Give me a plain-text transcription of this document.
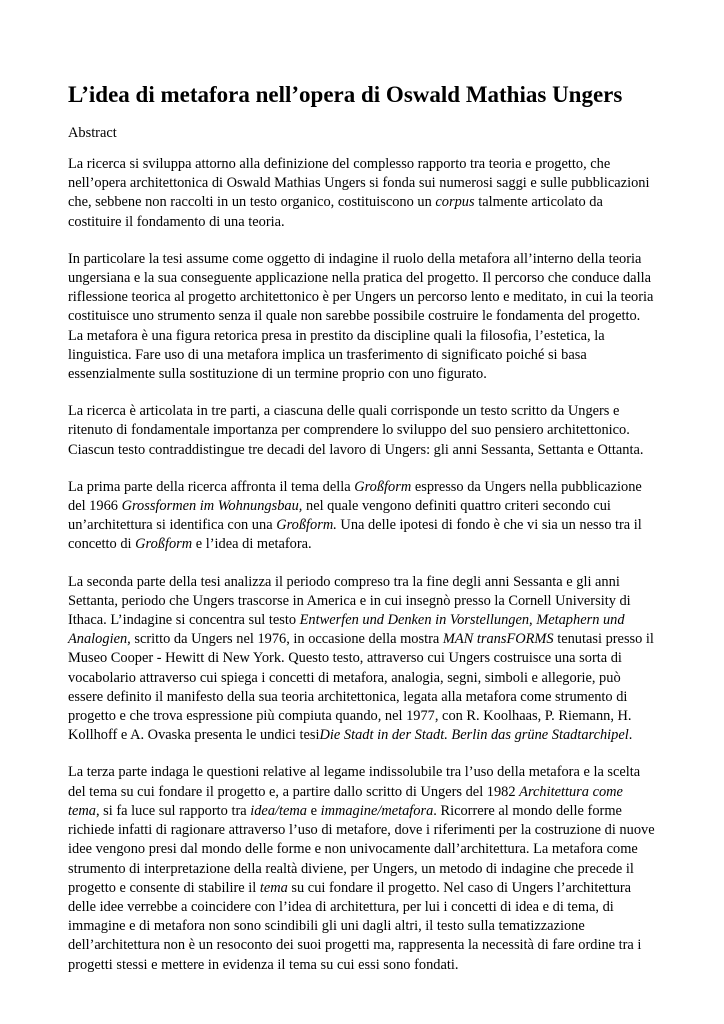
L’idea di metafora nell’opera di Oswald Mathias Ungers
Abstract

La ricerca si sviluppa attorno alla definizione del complesso rapporto tra teoria e progetto, che nell’opera architettonica di Oswald Mathias Ungers si fonda sui numerosi saggi e sulle pubblicazioni che, sebbene non raccolti in un testo organico, costituiscono un corpus talmente articolato da costituire il fondamento di una teoria.

In particolare la tesi assume come oggetto di indagine il ruolo della metafora all’interno della teoria ungersiana e la sua conseguente applicazione nella pratica del progetto. Il percorso che conduce dalla riflessione teorica al progetto architettonico è per Ungers un percorso lento e meditato, in cui la teoria costituisce uno strumento senza il quale non sarebbe possibile costruire le fondamenta del progetto. La metafora è una figura retorica presa in prestito da discipline quali la filosofia, l’estetica, la linguistica. Fare uso di una metafora implica un trasferimento di significato poiché si basa essenzialmente sulla sostituzione di un termine proprio con uno figurato.

La ricerca è articolata in tre parti, a ciascuna delle quali corrisponde un testo scritto da Ungers e ritenuto di fondamentale importanza per comprendere lo sviluppo del suo pensiero architettonico. Ciascun testo contraddistingue tre decadi del lavoro di Ungers: gli anni Sessanta, Settanta e Ottanta.

La prima parte della ricerca affronta il tema della Großform espresso da Ungers nella pubblicazione del 1966 Grossformen im Wohnungsbau, nel quale vengono definiti quattro criteri secondo cui un’architettura si identifica con una Großform. Una delle ipotesi di fondo è che vi sia un nesso tra il concetto di Großform e l’idea di metafora.

La seconda parte della tesi analizza il periodo compreso tra la fine degli anni Sessanta e gli anni Settanta, periodo che Ungers trascorse in America e in cui insegnò presso la Cornell University di Ithaca. L’indagine si concentra sul testo Entwerfen und Denken in Vorstellungen, Metaphern und Analogien, scritto da Ungers nel 1976, in occasione della mostra MAN transFORMS tenutasi presso il Museo Cooper - Hewitt di New York. Questo testo, attraverso cui Ungers costruisce una sorta di vocabolario attraverso cui spiega i concetti di metafora, analogia, segni, simboli e allegorie, può essere definito il manifesto della sua teoria architettonica, legata alla metafora come strumento di progetto e che trova espressione più compiuta quando, nel 1977, con R. Koolhaas, P. Riemann, H. Kollhoff e A. Ovaska presenta le undici tesiDie Stadt in der Stadt. Berlin das grüne Stadtarchipel.

La terza parte indaga le questioni relative al legame indissolubile tra l’uso della metafora e la scelta del tema su cui fondare il progetto e, a partire dallo scritto di Ungers del 1982 Architettura come tema, si fa luce sul rapporto tra idea/tema e immagine/metafora. Ricorrere al mondo delle forme richiede infatti di ragionare attraverso l’uso di metafore, dove i riferimenti per la costruzione di nuove idee vengono presi dal mondo delle forme e non univocamente dall’architettura. La metafora come strumento di interpretazione della realtà diviene, per Ungers, un metodo di indagine che precede il progetto e consente di stabilire il tema su cui fondare il progetto. Nel caso di Ungers l’architettura delle idee verrebbe a coincidere con l’idea di architettura, per lui i concetti di idea e di tema, di immagine e di metafora non sono scindibili gli uni dagli altri, il testo sulla tematizzazione dell’architettura non è un resoconto dei suoi progetti ma, rappresenta la necessità di fare ordine tra i progetti stessi e mettere in evidenza il tema su cui essi sono fondati.
